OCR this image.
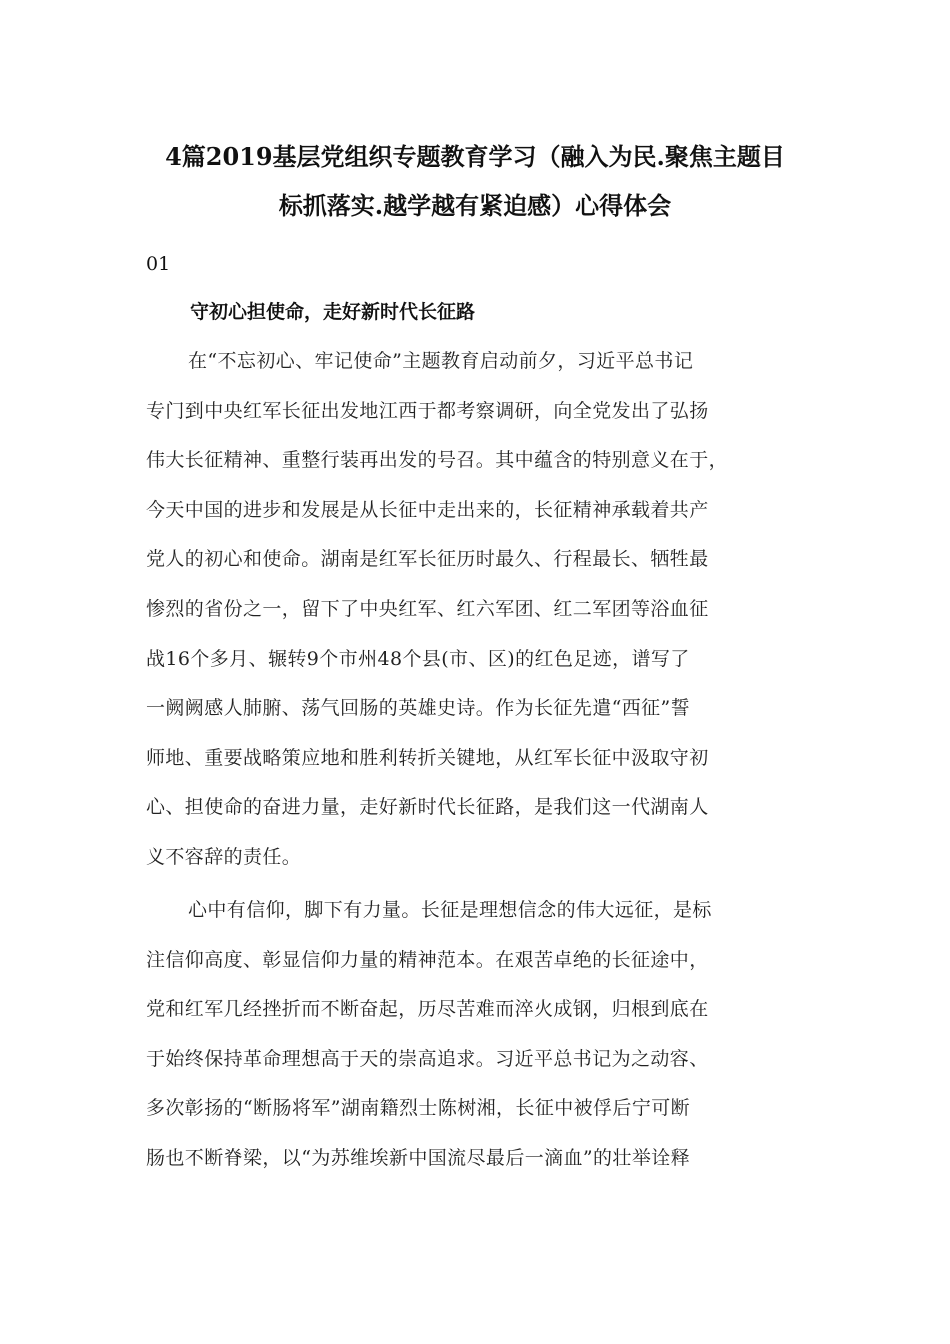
4篇2019基层党组织专题教育学习（融入为民.聚焦主题目
标抓落实.越学越有紧迫感）心得体会
01
守初心担使命，走好新时代长征路
在“不忘初心、牢记使命”主题教育启动前夕，习近平总书记
专门到中央红军长征出发地江西于都考察调研，向全党发出了弘扬
伟大长征精神、重整行装再出发的号召。其中蕴含的特别意义在于，
今天中国的进步和发展是从长征中走出来的，长征精神承载着共产
党人的初心和使命。湖南是红军长征历时最久、行程最长、牺牲最
惨烈的省份之一，留下了中央红军、红六军团、红二军团等浴血征
战16个多月、辗转9个市州48个县(市、区)的红色足迹，谱写了
一阙阙感人肺腑、荡气回肠的英雄史诗。作为长征先遣“西征”誓
师地、重要战略策应地和胜利转折关键地，从红军长征中汲取守初
心、担使命的奋进力量，走好新时代长征路，是我们这一代湖南人
义不容辞的责任。
心中有信仰，脚下有力量。长征是理想信念的伟大远征，是标
注信仰高度、彰显信仰力量的精神范本。在艰苦卓绝的长征途中，
党和红军几经挫折而不断奋起，历尽苦难而淬火成钢，归根到底在
于始终保持革命理想高于天的崇高追求。习近平总书记为之动容、
多次彰扬的“断肠将军”湖南籍烈士陈树湘，长征中被俘后宁可断
肠也不断脊梁，以“为苏维埃新中国流尽最后一滴血”的壮举诠释
